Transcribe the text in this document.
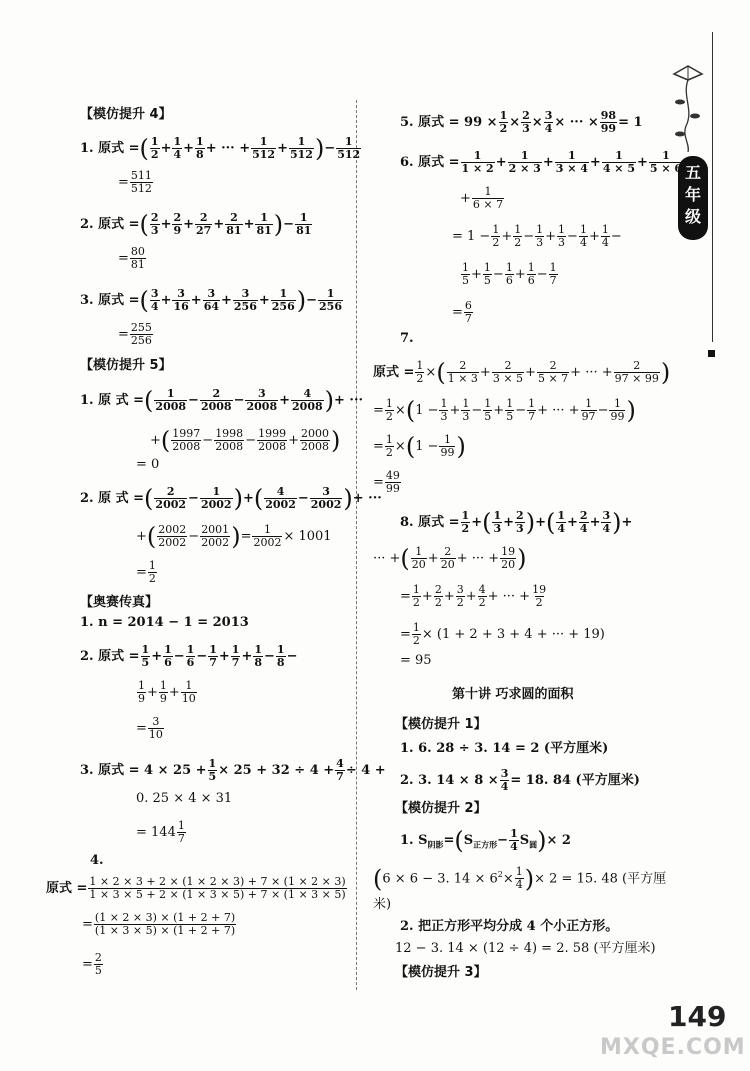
五年级
149
MXQE.COM
【模仿提升 4】
1. 原式 =( $\frac{1}{2} + \frac{1}{4} + \frac{1}{8}$ + ··· + $\frac{1}{512} + \frac{1}{512}$ )− $\frac{1}{512}$
= $\frac{511}{512}$
2. 原式 =( $\frac{2}{3} + \frac{2}{9} + \frac{2}{27} + \frac{2}{81} + \frac{1}{81}$ )− $\frac{1}{81}$
= $\frac{80}{81}$
3. 原式 =( $\frac{3}{4} + \frac{3}{16} + \frac{3}{64} + \frac{3}{256} + \frac{1}{256}$ )− $\frac{1}{256}$
= $\frac{255}{256}$
【模仿提升 5】
1. 原 式 =( $\frac{1}{2008} - \frac{2}{2008} - \frac{3}{2008} + \frac{4}{2008}$ )+ ···
+( $\frac{1997}{2008} - \frac{1998}{2008} - \frac{1999}{2008} + \frac{2000}{2008}$ )
= 0
2. 原 式 =( $\frac{2}{2002} - \frac{1}{2002}$ )+( $\frac{4}{2002} - \frac{3}{2002}$ )+ ···
+( $\frac{2002}{2002} - \frac{2001}{2002}$ )= $\frac{1}{2002} \times 1001$
= $\frac{1}{2}$
【奥赛传真】
1. n = 2014 − 1 = 2013
2. 原式 = $\frac{1}{5} + \frac{1}{6} - \frac{1}{6} - \frac{1}{7} + \frac{1}{7} + \frac{1}{8} - \frac{1}{8}$ −
$\frac{1}{9} + \frac{1}{9} + \frac{1}{10}$
= $\frac{3}{10}$
3. 原式 = $4 \times 25 + \frac{1}{5} \times 25 + 32 \div 4 + \frac{4}{7} \div 4$ +
0. 25 × 4 × 31
= $144 \frac{1}{7}$
4.
原式 = $\frac{1 \times 2 \times 3 + 2 \times (1 \times 2 \times 3) + 7 \times (1 \times 2 \times 3)}{1 \times 3 \times 5 + 2 \times (1 \times 3 \times 5) + 7 \times (1 \times 3 \times 5)}$
= $\frac{(1 \times 2 \times 3) \times (1 + 2 + 7)}{(1 \times 3 \times 5) \times (1 + 2 + 7)}$
= $\frac{2}{5}$
5. 原式 = $99 \times \frac{1}{2} \times \frac{2}{3} \times \frac{3}{4}$ × ··· × $\frac{98}{99} = 1$
6. 原式 = $\frac{1}{1 \times 2} + \frac{1}{2 \times 3} + \frac{1}{3 \times 4} + \frac{1}{4 \times 5} + \frac{1}{5 \times 6}$
+ $\frac{1}{6 \times 7}$
= $1 - \frac{1}{2} + \frac{1}{2} - \frac{1}{3} + \frac{1}{3} - \frac{1}{4} + \frac{1}{4}$ −
$\frac{1}{5} + \frac{1}{5} - \frac{1}{6} + \frac{1}{6} - \frac{1}{7}$
= $\frac{6}{7}$
7.
原式 = $\frac{1}{2}$ ×( $\frac{2}{1 \times 3} + \frac{2}{3 \times 5} + \frac{2}{5 \times 7}$ + ··· + $\frac{2}{97 \times 99}$ )
= $\frac{1}{2} \times(1 - \frac{1}{3} + \frac{1}{3} - \frac{1}{5} + \frac{1}{5} - \frac{1}{7}$ + ··· + $\frac{1}{97} - \frac{1}{99}$ )
= $\frac{1}{2} \times(1 - \frac{1}{99}$ )
= $\frac{49}{99}$
8. 原式 = $\frac{1}{2}$ +( $\frac{1}{3} + \frac{2}{3}$ )+( $\frac{1}{4} + \frac{2}{4} + \frac{3}{4}$ )+
··· +( $\frac{1}{20} + \frac{2}{20}$ + ··· + $\frac{19}{20}$ )
= $\frac{1}{2} + \frac{2}{2} + \frac{3}{2} + \frac{4}{2}$ + ··· + $\frac{19}{2}$
= $\frac{1}{2} \times (1 + 2 + 3 + 4$ + ··· + 19)
= 95
第十讲 巧求圆的面积
【模仿提升 1】
1. 6. 28 ÷ 3. 14 = 2 (平方厘米)
2. 3. $14 \times 8 \times \frac{3}{4} = 18$. 84 (平方厘米)
【模仿提升 2】
1. $S_{阴影}=(S_{正方形}- \frac{1}{4} S_圆)\times 2$
(6 × 6 − 3. $14 \times 6^2\times \frac{1}{4}$ )× 2 = 15. 48 (平方厘
米)
2. 把正方形平均分成 4 个小正方形。
12 − 3. 14 × (12 ÷ 4) = 2. 58 (平方厘米)
【模仿提升 3】
